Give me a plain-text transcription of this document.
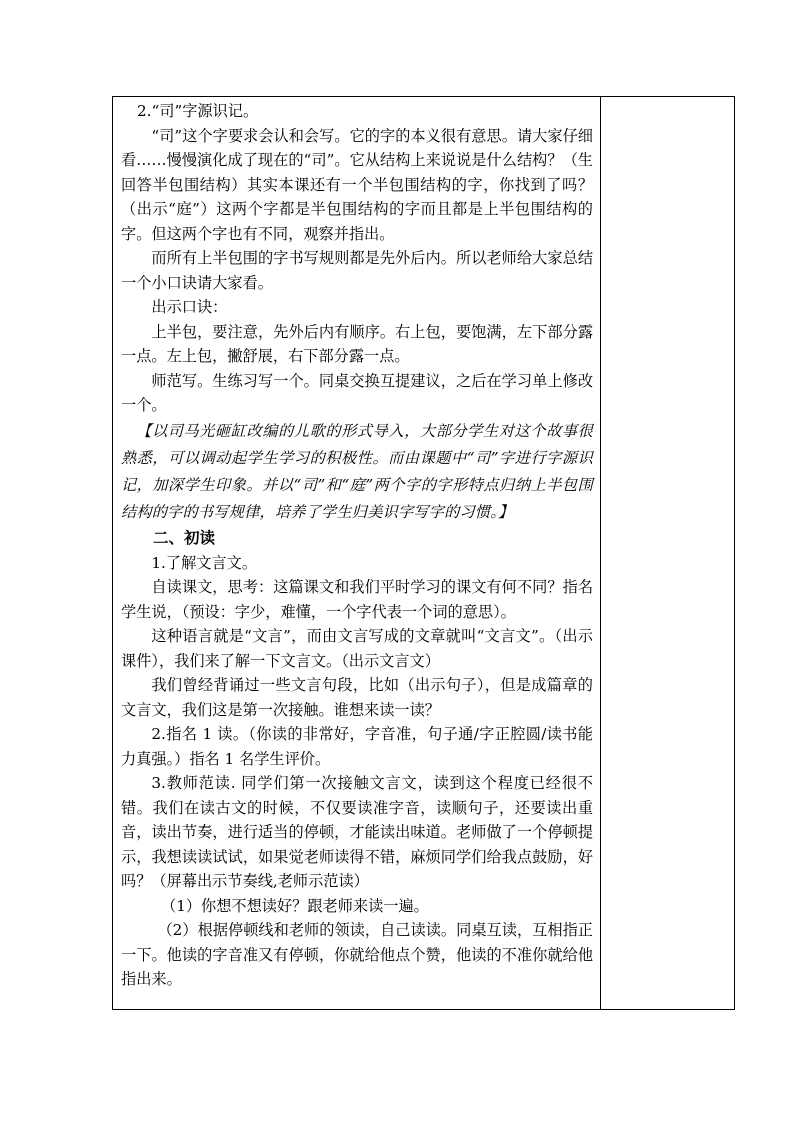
2.“司”字源识记。

“司”这个字要求会认和会写。它的字的本义很有意思。请大家仔细看……慢慢演化成了现在的“司”。它从结构上来说说是什么结构？（生回答半包围结构）其实本课还有一个半包围结构的字，你找到了吗？（出示“庭”）这两个字都是半包围结构的字而且都是上半包围结构的字。但这两个字也有不同，观察并指出。

而所有上半包围的字书写规则都是先外后内。所以老师给大家总结一个小口诀请大家看。

出示口诀：

上半包，要注意，先外后内有顺序。右上包，要饱满，左下部分露一点。左上包，撇舒展，右下部分露一点。

师范写。生练习写一个。同桌交换互提建议，之后在学习单上修改一个。

【以司马光砸缸改编的儿歌的形式导入，大部分学生对这个故事很熟悉，可以调动起学生学习的积极性。而由课题中“司”字进行字源识记，加深学生印象。并以“司”和“庭”两个字的字形特点归纳上半包围结构的字的书写规律，培养了学生归美识字写字的习惯。】

二、初读

1.了解文言文。

自读课文，思考：这篇课文和我们平时学习的课文有何不同？指名学生说，（预设：字少，难懂，一个字代表一个词的意思）。

这种语言就是“文言”，而由文言写成的文章就叫“文言文”。（出示课件），我们来了解一下文言文。（出示文言文）

我们曾经背诵过一些文言句段，比如（出示句子），但是成篇章的文言文，我们这是第一次接触。谁想来读一读？

2.指名 1 读。（你读的非常好，字音准，句子通/字正腔圆/读书能力真强。）指名 1 名学生评价。

3.教师范读. 同学们第一次接触文言文，读到这个程度已经很不错。我们在读古文的时候，不仅要读准字音，读顺句子，还要读出重音，读出节奏，进行适当的停顿，才能读出味道。老师做了一个停顿提示，我想读读试试，如果觉老师读得不错，麻烦同学们给我点鼓励，好吗？（屏幕出示节奏线,老师示范读）

（1）你想不想读好？跟老师来读一遍。

（2）根据停顿线和老师的领读，自己读读。同桌互读，互相指正一下。他读的字音准又有停顿，你就给他点个赞，他读的不准你就给他指出来。
